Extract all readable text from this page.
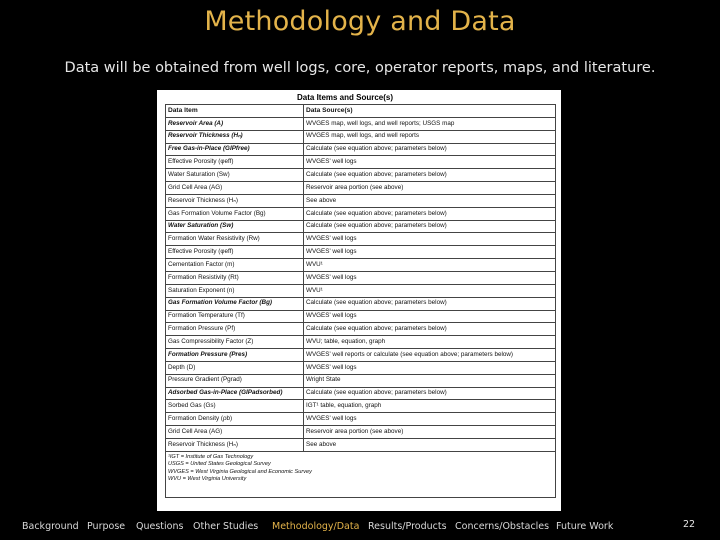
Methodology and Data
Data will be obtained from well logs, core, operator reports, maps, and literature.
Data Items and Source(s)
Data Item	Data Source(s)
Reservoir Area (A)	WVGES map, well logs, and well reports; USGS map
Reservoir Thickness (Hₙ)	WVGES map, well logs, and well reports
Free Gas-in-Place (GIPfree)	Calculate (see equation above; parameters below)
Effective Porosity (φeff)	WVGES' well logs
Water Saturation (Sw)	Calculate (see equation above; parameters below)
Grid Cell Area (AG)	Reservoir area portion (see above)
Reservoir Thickness (Hₙ)	See above
Gas Formation Volume Factor (Bg)	Calculate (see equation above; parameters below)
Water Saturation (Sw)	Calculate (see equation above; parameters below)
Formation Water Resistivity (Rw)	WVGES' well logs
Effective Porosity (φeff)	WVGES' well logs
Cementation Factor (m)	WVU¹
Formation Resistivity (Rt)	WVGES' well logs
Saturation Exponent (n)	WVU¹
Gas Formation Volume Factor (Bg)	Calculate (see equation above; parameters below)
Formation Temperature (Tf)	WVGES' well logs
Formation Pressure (Pf)	Calculate (see equation above; parameters below)
Gas Compressibility Factor (Z)	WVU; table, equation, graph
Formation Pressure (Pres)	WVGES' well reports or calculate (see equation above; parameters below)
Depth (D)	WVGES' well logs
Pressure Gradient (Pgrad)	Wright State
Adsorbed Gas-in-Place (GIPadsorbed)	Calculate (see equation above; parameters below)
Sorbed Gas (Gs)	IGT¹ table, equation, graph
Formation Density (ρb)	WVGES' well logs
Grid Cell Area (AG)	Reservoir area portion (see above)
Reservoir Thickness (Hₙ)	See above

¹IGT = Institute of Gas Technology
USGS = United States Geological Survey
WVGES = West Virginia Geological and Economic Survey
WVU = West Virginia University	
Background Purpose Questions Other Studies Methodology/Data Results/Products Concerns/Obstacles Future Work	22
